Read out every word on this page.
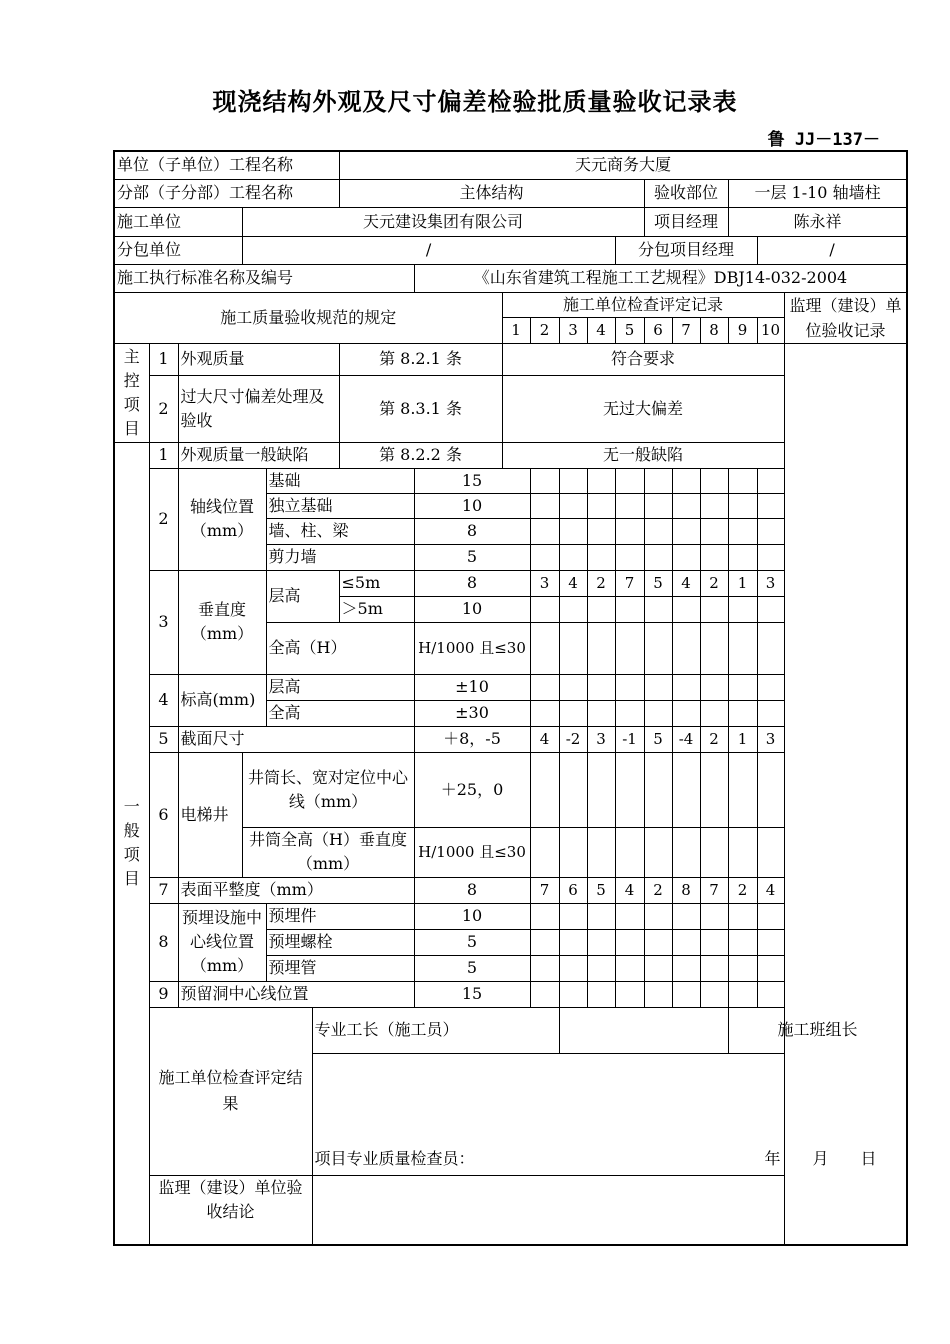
现浇结构外观及尺寸偏差检验批质量验收记录表
鲁 JJ－137－
单位（子单位）工程名称						天元商务大厦													
分部（子分部）工程名称						主体结构							验收部位			一层 1-10 轴墙柱			
施工单位			天元建设集团有限公司										项目经理			陈永祥			
分包单位			/									分包项目经理					/		
施工执行标准名称及编号							《山东省建筑工程施工工艺规程》DBJ14-032-2004												
施工质量验收规范的规定								施工单位检查评定记录										监理（建设）单位验收记录	
								1	2	3	4	5	6	7	8	9	10		
主控项目	1	外观质量				第 8.2.1 条		符合要求											
	2	过大尺寸偏差处理及验收				第 8.3.1 条		无过大偏差											
一般项目	1	外观质量一般缺陷				第 8.2.2 条		无一般缺陷											
	2	轴线位置（mm）		基础			15												
				独立基础			10												
				墙、柱、梁			8												
				剪力墙			5												
	3	垂直度（mm）		层高		≤5m	8		3	4	2	7	5	4	2	1	3	
						＞5m	10												
				全高（H）			H/1000 且≤30												

	4	标高(mm)		层高			±10												
				全高			±30												
	5	截面尺寸					＋8，-5		4	-2	3	-1	5	-4	2	1	3	
	6	电梯井	井筒长、宽对定位中心线（mm）				＋25，0												

			井筒全高（H）垂直度（mm）				H/1000 且≤30												

	7	表面平整度（mm）					8		7	6	5	4	2	8	7	2	4	
	8	预埋设施中心线位置（mm）		预埋件			10												
				预埋螺栓			5												
				预埋管			5												
	9	预留洞中心线位置					15												
	施工单位检查评定结果				专业工长（施工员）											施工班组长			

					项目专业质量检查员： 年　　月　　日														

	监理（建设）单位验收结论																		
